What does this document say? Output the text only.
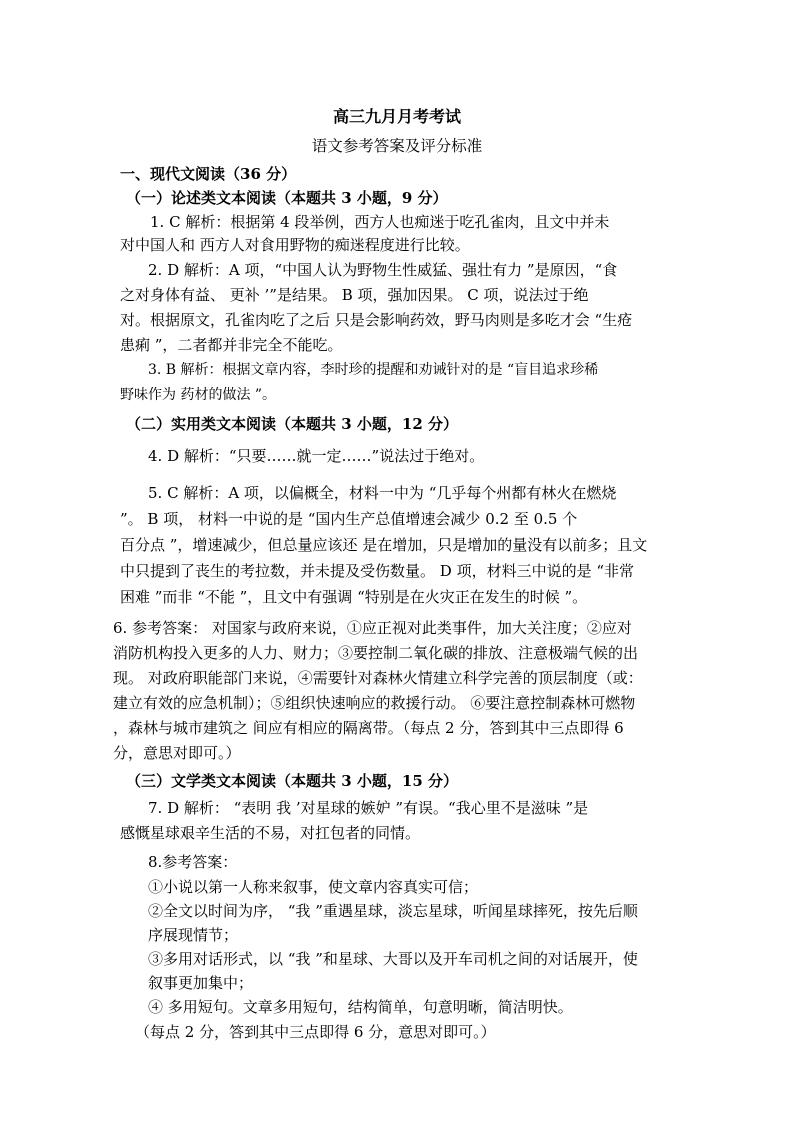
高三九月月考考试
语文参考答案及评分标准
一、现代文阅读（36 分）
（一）论述类文本阅读（本题共 3 小题，9 分）
1. C 解析：根据第 4 段举例，西方人也痴迷于吃孔雀肉，且文中并未
对中国人和 西方人对食用野物的痴迷程度进行比较。
2. D 解析：A 项，“中国人认为野物生性威猛、强壮有力 ”是原因，“食
之对身体有益、 更补 ’”是结果。 B 项，强加因果。 C 项，说法过于绝
对。根据原文，孔雀肉吃了之后 只是会影响药效，野马肉则是多吃才会 “生疮
患痢 ”，二者都并非完全不能吃。
3. B 解析：根据文章内容，李时珍的提醒和劝诫针对的是 “盲目追求珍稀
野味作为 药材的做法 ”。
（二）实用类文本阅读（本题共 3 小题，12 分）
4. D 解析：“只要……就一定……”说法过于绝对。
5. C 解析：A 项，以偏概全，材料一中为 “几乎每个州都有林火在燃烧
”。 B 项， 材料一中说的是 “国内生产总值增速会减少 0.2 至 0.5 个
百分点 ”，增速减少，但总量应该还 是在增加，只是增加的量没有以前多；且文
中只提到了丧生的考拉数，并未提及受伤数量。 D 项，材料三中说的是 “非常
困难 ”而非 “不能 ”，且文中有强调 “特别是在火灾正在发生的时候 ”。
6. 参考答案： 对国家与政府来说，①应正视对此类事件，加大关注度；②应对
消防机构投入更多的人力、财力；③要控制二氧化碳的排放、注意极端气候的出
现。 对政府职能部门来说，④需要针对森林火情建立科学完善的顶层制度（或：
建立有效的应急机制）；⑤组织快速响应的救援行动。 ⑥要注意控制森林可燃物
，森林与城市建筑之 间应有相应的隔离带。（每点 2 分，答到其中三点即得 6
分，意思对即可。）
（三）文学类文本阅读（本题共 3 小题，15 分）
7. D 解析： “表明 我 ’对星球的嫉妒 ”有误。“我心里不是滋味 ”是
感慨星球艰辛生活的不易，对扛包者的同情。
8.参考答案：
①小说以第一人称来叙事，使文章内容真实可信；
②全文以时间为序， “我 ”重遇星球，淡忘星球，听闻星球摔死，按先后顺
序展现情节；
③多用对话形式，以 “我 ”和星球、大哥以及开车司机之间的对话展开，使
叙事更加集中；
④ 多用短句。文章多用短句，结构简单，句意明晰，简洁明快。
（每点 2 分，答到其中三点即得 6 分，意思对即可。）
